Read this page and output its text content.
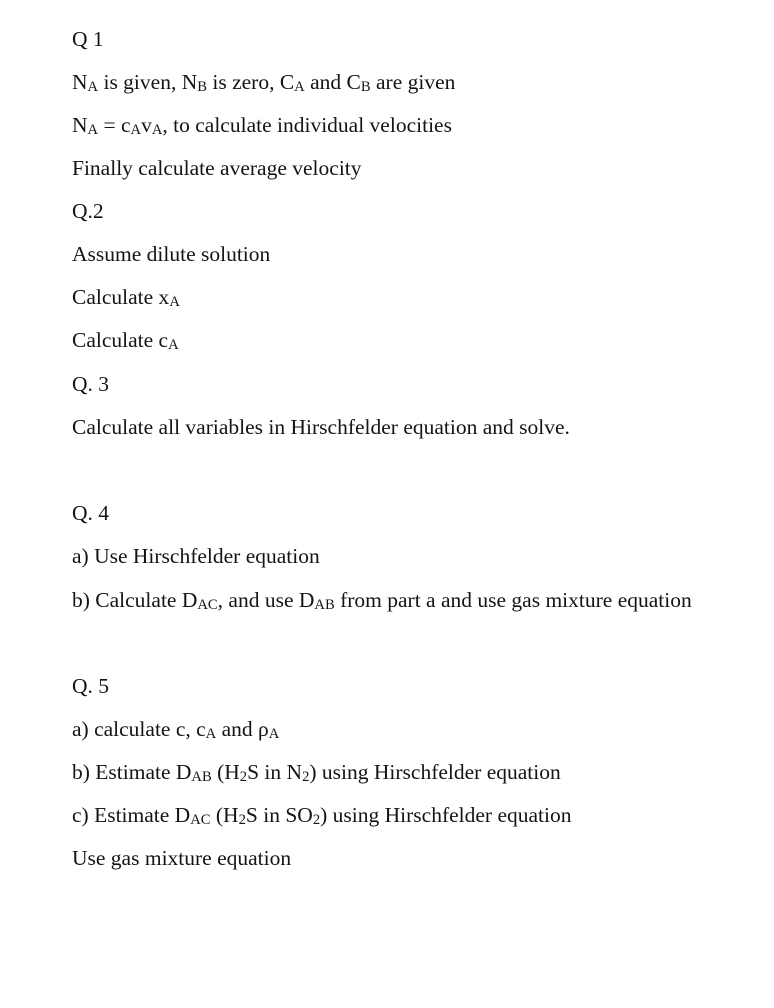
Q 1
NA is given, NB is zero, CA and CB are given
NA = cAvA, to calculate individual velocities
Finally calculate average velocity
Q.2
Assume dilute solution
Calculate xA
Calculate cA
Q. 3
Calculate all variables in Hirschfelder equation and solve.
Q. 4
a) Use Hirschfelder equation
b) Calculate DAC, and use DAB from part a and use gas mixture equation
Q. 5
a) calculate c, cA and ρA
b) Estimate DAB (H2S in N2) using Hirschfelder equation
c) Estimate DAC (H2S in SO2) using Hirschfelder equation
Use gas mixture equation
